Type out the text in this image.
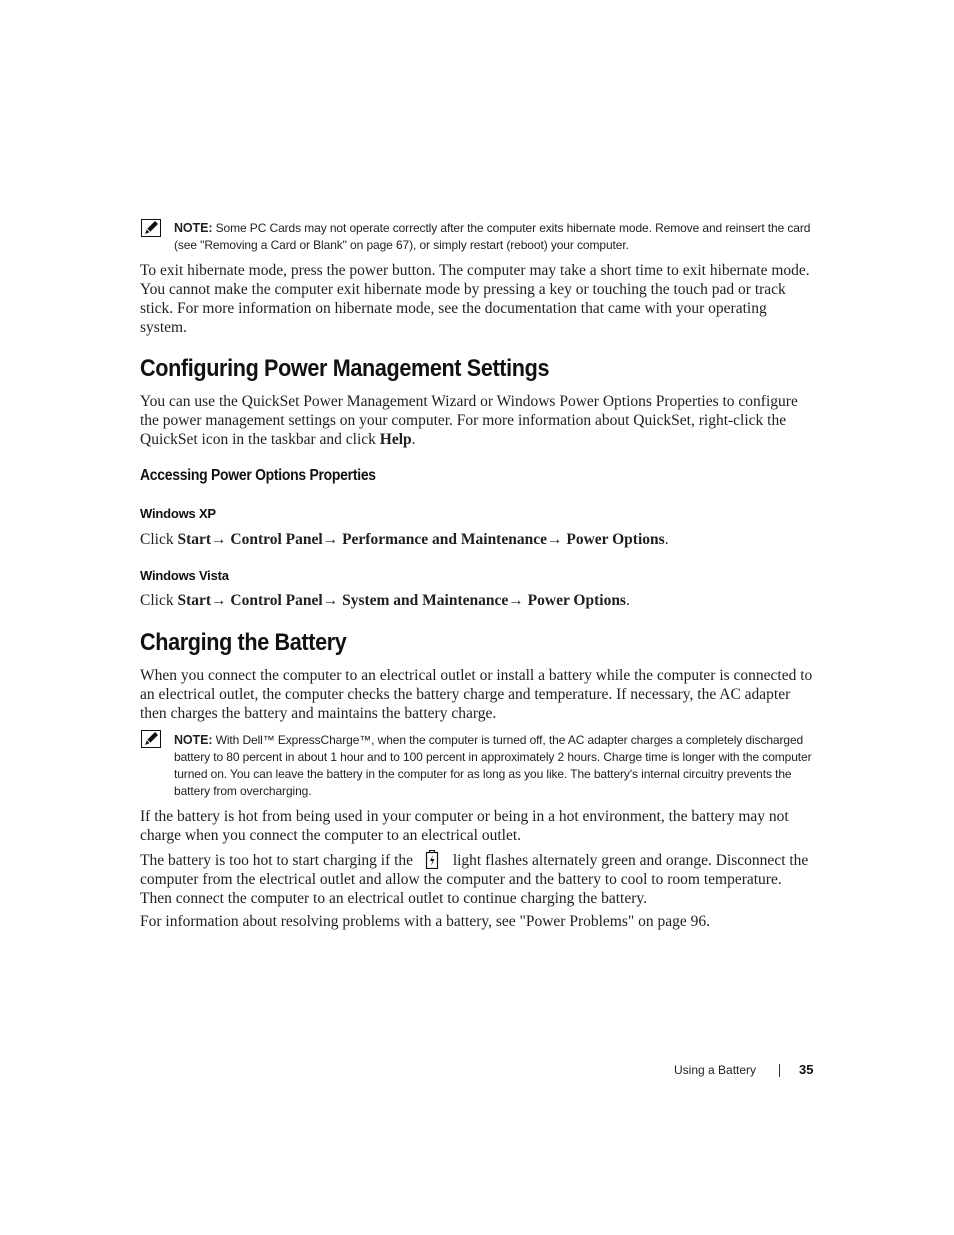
NOTE: Some PC Cards may not operate correctly after the computer exits hibernate mode. Remove and reinsert the card (see "Removing a Card or Blank" on page 67), or simply restart (reboot) your computer.
To exit hibernate mode, press the power button. The computer may take a short time to exit hibernate mode. You cannot make the computer exit hibernate mode by pressing a key or touching the touch pad or track stick. For more information on hibernate mode, see the documentation that came with your operating system.
Configuring Power Management Settings
You can use the QuickSet Power Management Wizard or Windows Power Options Properties to configure the power management settings on your computer. For more information about QuickSet, right-click the QuickSet icon in the taskbar and click Help.
Accessing Power Options Properties
Windows XP
Click Start→ Control Panel→ Performance and Maintenance→ Power Options.
Windows Vista
Click Start→ Control Panel→ System and Maintenance→ Power Options.
Charging the Battery
When you connect the computer to an electrical outlet or install a battery while the computer is connected to an electrical outlet, the computer checks the battery charge and temperature. If necessary, the AC adapter then charges the battery and maintains the battery charge.
NOTE: With Dell™ ExpressCharge™, when the computer is turned off, the AC adapter charges a completely discharged battery to 80 percent in about 1 hour and to 100 percent in approximately 2 hours. Charge time is longer with the computer turned on. You can leave the battery in the computer for as long as you like. The battery's internal circuitry prevents the battery from overcharging.
If the battery is hot from being used in your computer or being in a hot environment, the battery may not charge when you connect the computer to an electrical outlet.
The battery is too hot to start charging if the	light flashes alternately green and orange. Disconnect the computer from the electrical outlet and allow the computer and the battery to cool to room temperature. Then connect the computer to an electrical outlet to continue charging the battery.
For information about resolving problems with a battery, see "Power Problems" on page 96.
Using a Battery	35
